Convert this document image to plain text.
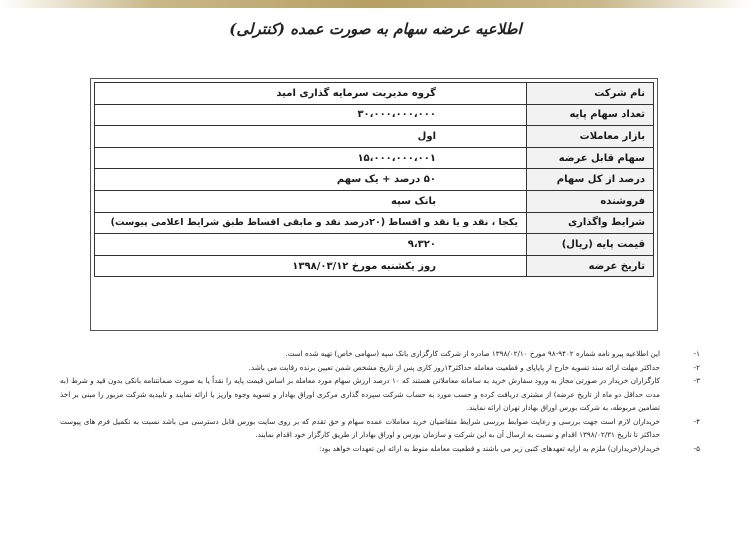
اطلاعیه عرضه سهام به صورت عمده (کنترلی)
نام شرکت	گروه مدیریت سرمایه گذاری امید
تعداد سهام پایه	۳۰،۰۰۰،۰۰۰،۰۰۰
بازار معاملات	اول
سهام قابل عرضه	۱۵،۰۰۰،۰۰۰،۰۰۱
درصد از کل سهام	۵۰ درصد + یک سهم
فروشنده	بانک سپه
شرایط واگذاری	یکجا ، نقد و یا نقد و اقساط (۲۰درصد نقد و مابقی اقساط طبق شرایط اعلامی پیوست)
قیمت پایه (ریال)	۹،۳۲۰
تاریخ عرضه	روز یکشنبه مورخ ۱۳۹۸/۰۳/۱۲
۱-
این اطلاعیه پیرو نامه شماره ۹۴۰۲-۹۸ مورخ ۱۳۹۸/۰۲/۱۰ صادره از شرکت کارگزاری بانک سپه (سهامی خاص) تهیه شده است.
۲-
حداکثر مهلت ارائه سند تسویه خارج از پایاپای و قطعیت معامله حداکثر۱۴روز کاری پس از تاریخ مشخص شمن تعیین برنده رقابت می باشد.
۳-
کارگزاران خریدار در صورتی مجاز به ورود سفارش خرید به سامانه معاملاتی هستند که ۱۰ درصد ارزش سهام مورد معامله بر اساس قیمت پایه را نقداً یا به صورت ضمانتنامه بانکی بدون قید و شرط (به مدت حداقل دو ماه از تاریخ عرضه) از مشتری دریافت کرده و حسب مورد به حساب شرکت سپرده گذاری مرکزی اوراق بهادار و تسویه وجوه واریز یا ارائه نمایند و تاییدیه شرکت مزبور را مبنی بر اخذ تضامین مربوطه، به شرکت بورس اوراق بهادار تهران ارائه نمایند.
۴-
خریداران لازم است جهت بررسی و رعایت ضوابط بررسی شرایط متقاضیان خرید معاملات عمده سهام و حق تقدم که بر روی سایت بورس قابل دسترسی می باشد نسبت به تکمیل فرم های پیوست حداکثر تا تاریخ ۱۳۹۸/۰۲/۳۱ اقدام و نسبت به ارسال آن به این شرکت و سازمان بورس و اوراق بهادار از طریق کارگزار خود اقدام نمایند.
۵-
خریدار(خریداران) ملزم به ارایه تعهدهای کتبی زیر می باشند و قطعیت معامله منوط به ارائه این تعهدات خواهد بود:
